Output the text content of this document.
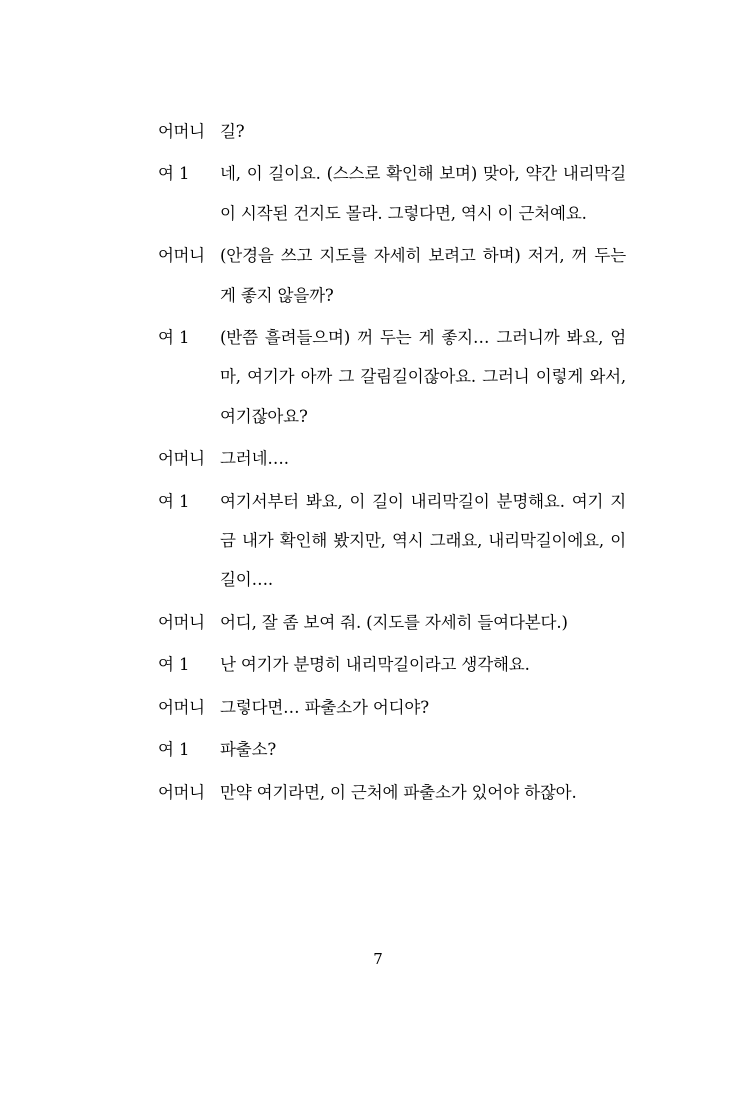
어머니 길?
여 1	네, 이 길이요. (스스로 확인해 보며) 맞아, 약간 내리막길이 시작된 건지도 몰라. 그렇다면, 역시 이 근처예요.
어머니 (안경을 쓰고 지도를 자세히 보려고 하며) 저거, 꺼 두는 게 좋지 않을까?
여 1	(반쯤 흘려들으며) 꺼 두는 게 좋지… 그러니까 봐요, 엄마, 여기가 아까 그 갈림길이잖아요. 그러니 이렇게 와서, 여기잖아요?
어머니 그러네….
여 1	여기서부터 봐요, 이 길이 내리막길이 분명해요. 여기 지금 내가 확인해 봤지만, 역시 그래요, 내리막길이에요, 이 길이….
어머니 어디, 잘 좀 보여 줘. (지도를 자세히 들여다본다.)
여 1	난 여기가 분명히 내리막길이라고 생각해요.
어머니 그렇다면… 파출소가 어디야?
여 1	파출소?
어머니 만약 여기라면, 이 근처에 파출소가 있어야 하잖아.
7
